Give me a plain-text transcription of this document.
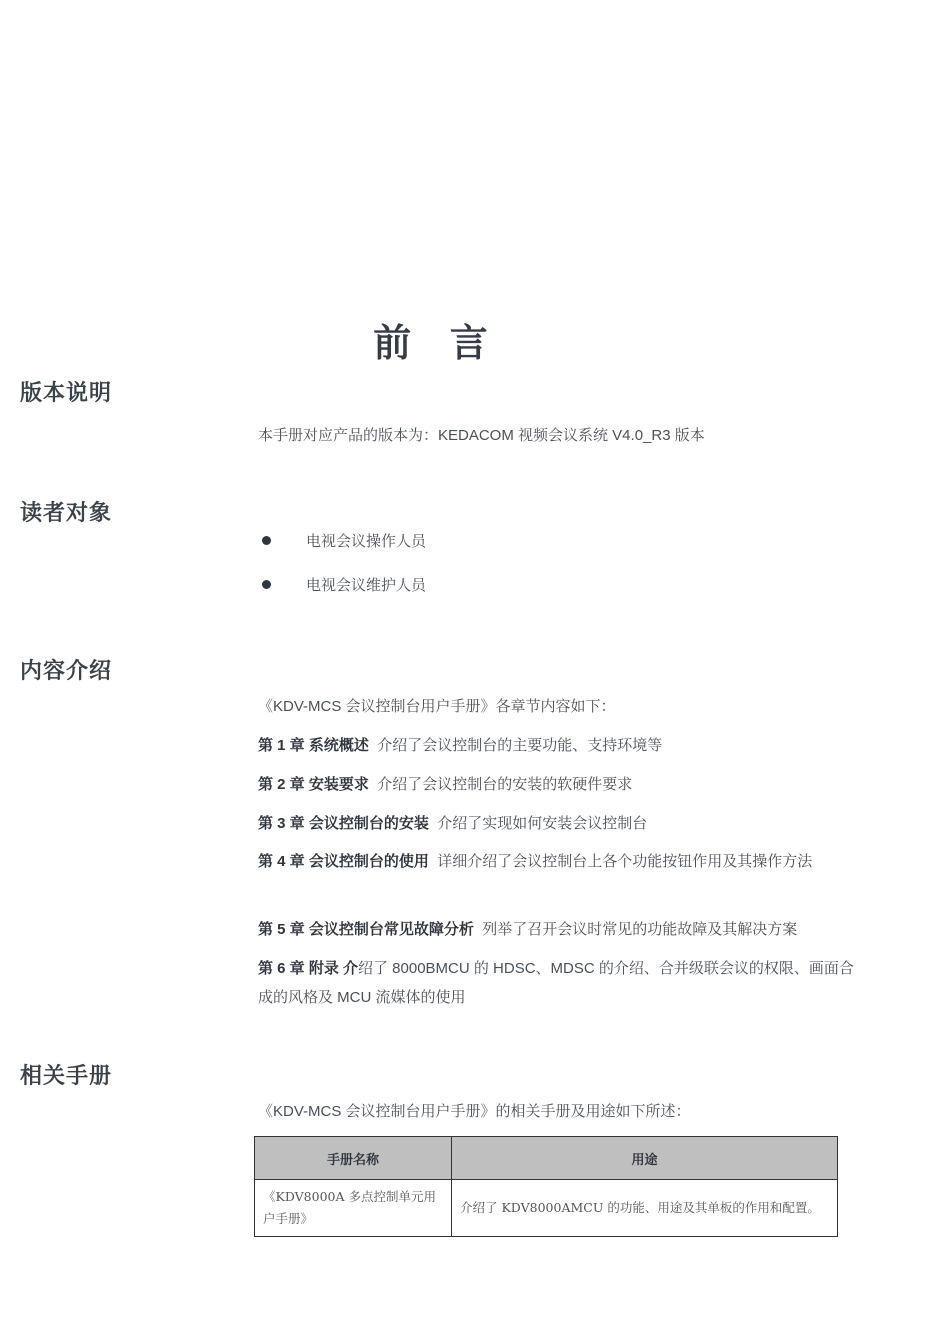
前 言
版本说明
本手册对应产品的版本为：KEDACOM 视频会议系统 V4.0_R3 版本
读者对象
电视会议操作人员
电视会议维护人员
内容介绍
《KDV-MCS 会议控制台用户手册》各章节内容如下：
第 1 章 系统概述 介绍了会议控制台的主要功能、支持环境等
第 2 章 安装要求 介绍了会议控制台的安装的软硬件要求
第 3 章 会议控制台的安装 介绍了实现如何安装会议控制台
第 4 章 会议控制台的使用 详细介绍了会议控制台上各个功能按钮作用及其操作方法
第 5 章 会议控制台常见故障分析 列举了召开会议时常见的功能故障及其解决方案
第 6 章 附录 介绍了 8000BMCU 的 HDSC、MDSC 的介绍、合并级联会议的权限、画面合成的风格及 MCU 流媒体的使用
相关手册
《KDV-MCS 会议控制台用户手册》的相关手册及用途如下所述：
手册名称	用途
《KDV8000A 多点控制单元用户手册》	介绍了 KDV8000AMCU 的功能、用途及其单板的作用和配置。
